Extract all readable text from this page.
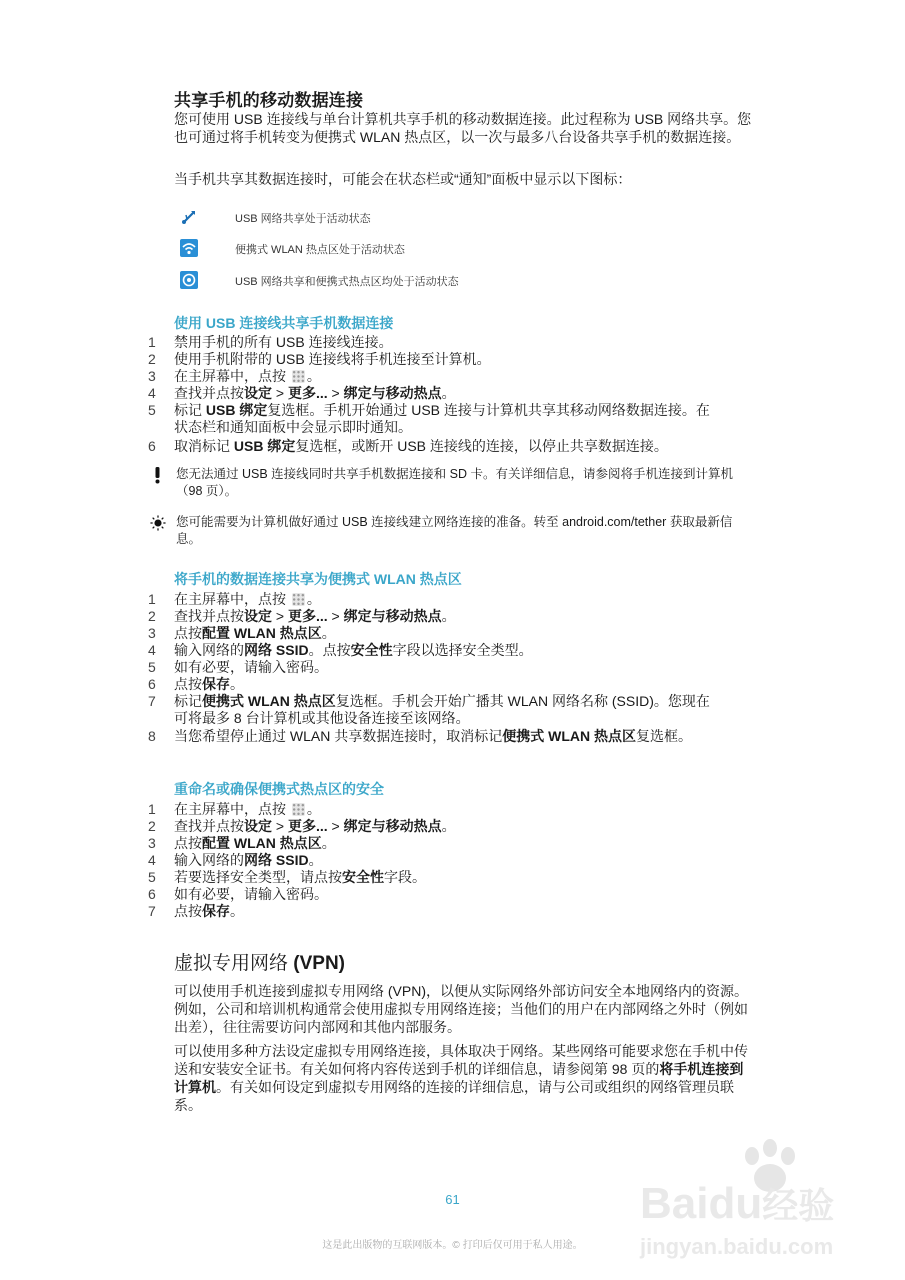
共享手机的移动数据连接
您可使用 USB 连接线与单台计算机共享手机的移动数据连接。此过程称为 USB 网络共享。您也可通过将手机转变为便携式 WLAN 热点区，以一次与最多八台设备共享手机的数据连接。
当手机共享其数据连接时，可能会在状态栏或“通知”面板中显示以下图标：
USB 网络共享处于活动状态
便携式 WLAN 热点区处于活动状态
USB 网络共享和便携式热点区均处于活动状态
使用 USB 连接线共享手机数据连接
1	禁用手机的所有 USB 连接线连接。
2	使用手机附带的 USB 连接线将手机连接至计算机。
3	在主屏幕中，点按 。
4	查找并点按设定 > 更多... > 绑定与移动热点。
5	标记 USB 绑定复选框。手机开始通过 USB 连接与计算机共享其移动网络数据连接。在状态栏和通知面板中会显示即时通知。
6	取消标记 USB 绑定复选框，或断开 USB 连接线的连接，以停止共享数据连接。
您无法通过 USB 连接线同时共享手机数据连接和 SD 卡。有关详细信息，请参阅将手机连接到计算机（98 页）。
您可能需要为计算机做好通过 USB 连接线建立网络连接的准备。转至 android.com/tether 获取最新信息。
将手机的数据连接共享为便携式 WLAN 热点区
1	在主屏幕中，点按 。
2	查找并点按设定 > 更多... > 绑定与移动热点。
3	点按配置 WLAN 热点区。
4	输入网络的网络 SSID。点按安全性字段以选择安全类型。
5	如有必要，请输入密码。
6	点按保存。
7	标记便携式 WLAN 热点区复选框。手机会开始广播其 WLAN 网络名称 (SSID)。您现在可将最多 8 台计算机或其他设备连接至该网络。
8	当您希望停止通过 WLAN 共享数据连接时，取消标记便携式 WLAN 热点区复选框。
重命名或确保便携式热点区的安全
1	在主屏幕中，点按 。
2	查找并点按设定 > 更多... > 绑定与移动热点。
3	点按配置 WLAN 热点区。
4	输入网络的网络 SSID。
5	若要选择安全类型，请点按安全性字段。
6	如有必要，请输入密码。
7	点按保存。
虚拟专用网络 (VPN)
可以使用手机连接到虚拟专用网络 (VPN)，以便从实际网络外部访问安全本地网络内的资源。例如，公司和培训机构通常会使用虚拟专用网络连接；当他们的用户在内部网络之外时（例如出差），往往需要访问内部网和其他内部服务。
可以使用多种方法设定虚拟专用网络连接，具体取决于网络。某些网络可能要求您在手机中传送和安装安全证书。有关如何将内容传送到手机的详细信息，请参阅第 98 页的将手机连接到计算机。有关如何设定到虚拟专用网络的连接的详细信息，请与公司或组织的网络管理员联系。
61
这是此出版物的互联网版本。© 打印后仅可用于私人用途。
Baidu经验
jingyan.baidu.com
